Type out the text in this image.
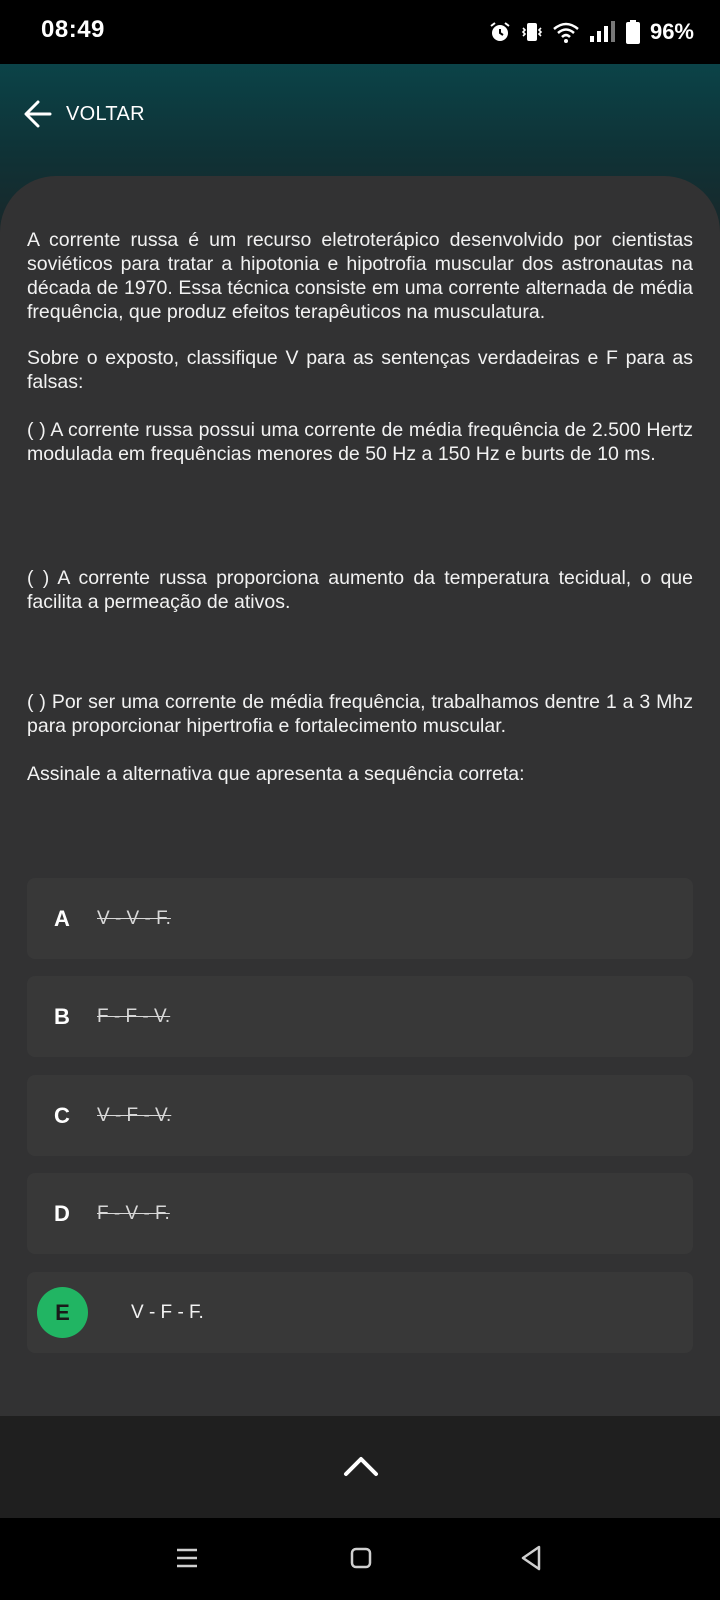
08:49	96%
VOLTAR

A corrente russa é um recurso eletroterápico desenvolvido por cientistas soviéticos para tratar a hipotonia e hipotrofia muscular dos astronautas na década de 1970. Essa técnica consiste em uma corrente alternada de média frequência, que produz efeitos terapêuticos na musculatura.

Sobre o exposto, classifique V para as sentenças verdadeiras e F para as falsas:

( ) A corrente russa possui uma corrente de média frequência de 2.500 Hertz modulada em frequências menores de 50 Hz a 150 Hz e burts de 10 ms.

( ) A corrente russa proporciona aumento da temperatura tecidual, o que facilita a permeação de ativos.

( ) Por ser uma corrente de média frequência, trabalhamos dentre 1 a 3 Mhz para proporcionar hipertrofia e fortalecimento muscular.

Assinale a alternativa que apresenta a sequência correta:

A V - V - F.
B F - F - V.
C V - F - V.
D F - V - F.
E	V - F - F.
